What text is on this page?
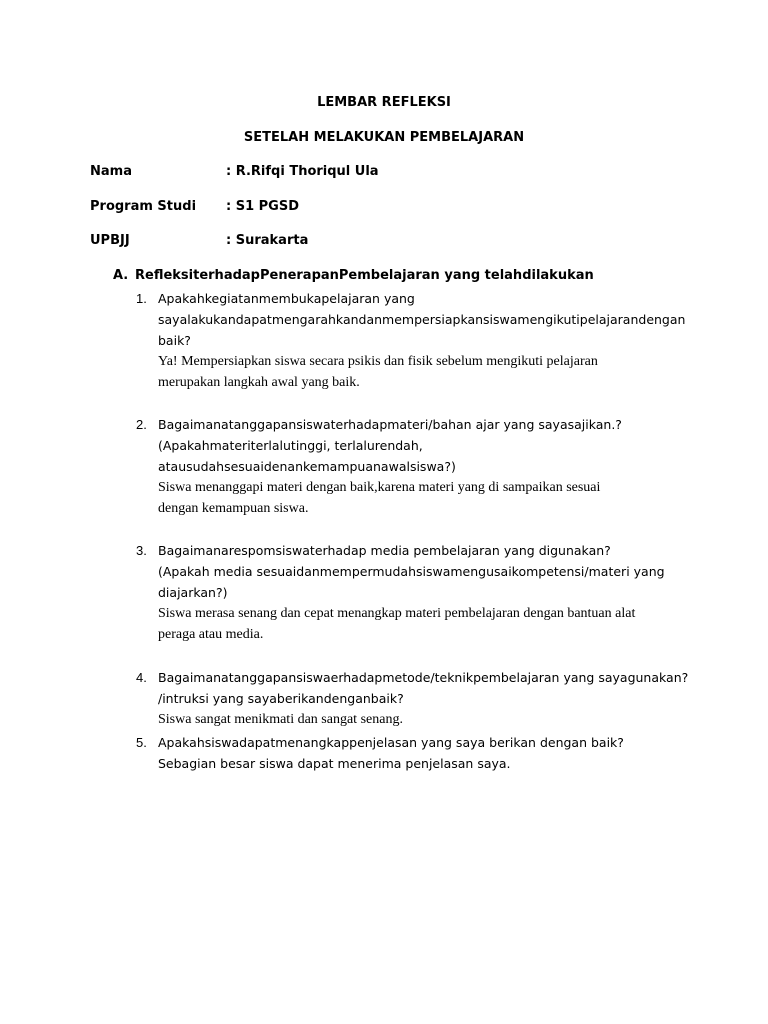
LEMBAR REFLEKSI
SETELAH MELAKUKAN PEMBELAJARAN
Nama	: R.Rifqi Thoriqul Ula
Program Studi : S1 PGSD
UPBJJ	: Surakarta
A. RefleksiterhadapPenerapanPembelajaran yang telahdilakukan
1. Apakahkegiatanmembukapelajaran yang
sayalakukandapatmengarahkandanmempersiapkansiswamengikutipelajarandengan
baik?
Ya! Mempersiapkan siswa secara psikis dan fisik sebelum mengikuti pelajaran
merupakan langkah awal yang baik.
2. Bagaimanatanggapansiswaterhadapmateri/bahan ajar yang sayasajikan.?
(Apakahmateriterlalutinggi, terlalurendah,
atausudahsesuaidenankemampuanawalsiswa?)
Siswa menanggapi materi dengan baik,karena materi yang di sampaikan sesuai
dengan kemampuan siswa.
3. Bagaimanarespomsiswaterhadap media pembelajaran yang digunakan?
(Apakah media sesuaidanmempermudahsiswamengusaikompetensi/materi yang
diajarkan?)
Siswa merasa senang dan cepat menangkap materi pembelajaran dengan bantuan alat
peraga atau media.
4. Bagaimanatanggapansiswaerhadapmetode/teknikpembelajaran yang sayagunakan?
/intruksi yang sayaberikandenganbaik?
Siswa sangat menikmati dan sangat senang.
5. Apakahsiswadapatmenangkappenjelasan yang saya berikan dengan baik?
Sebagian besar siswa dapat menerima penjelasan saya.
